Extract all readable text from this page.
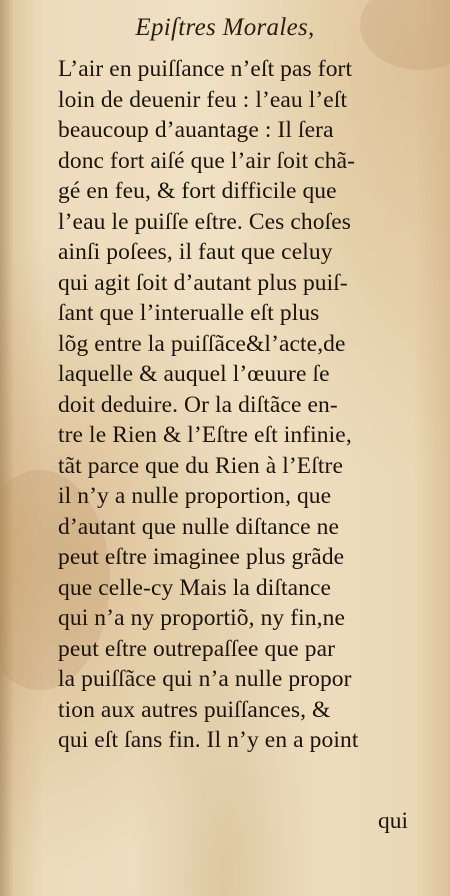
Epiſtres Morales,
L’air en puiſſance n’eſt pas fort
loin de deuenir feu : l’eau l’eſt
beaucoup d’auantage : Il ſera
donc fort aiſé que l’air ſoit chã-
gé en feu, & fort difficile que
l’eau le puiſſe eſtre. Ces choſes
ainſi poſees, il faut que celuy
qui agit ſoit d’autant plus puiſ-
ſant que l’interualle eſt plus
lõg entre la puiſſãce&l’acte,de
laquelle & auquel l’œuure ſe
doit deduire. Or la diſtãce en-
tre le Rien & l’Eſtre eſt infinie,
tãt parce que du Rien à l’Eſtre
il n’y a nulle proportion, que
d’autant que nulle diſtance ne
peut eſtre imaginee plus grãde
que celle-cy Mais la diſtance
qui n’a ny proportiõ, ny fin,ne
peut eſtre outrepaſſee que par
la puiſſãce qui n’a nulle propor
tion aux autres puiſſances, &
qui eſt ſans fin. Il n’y en a point
qui
